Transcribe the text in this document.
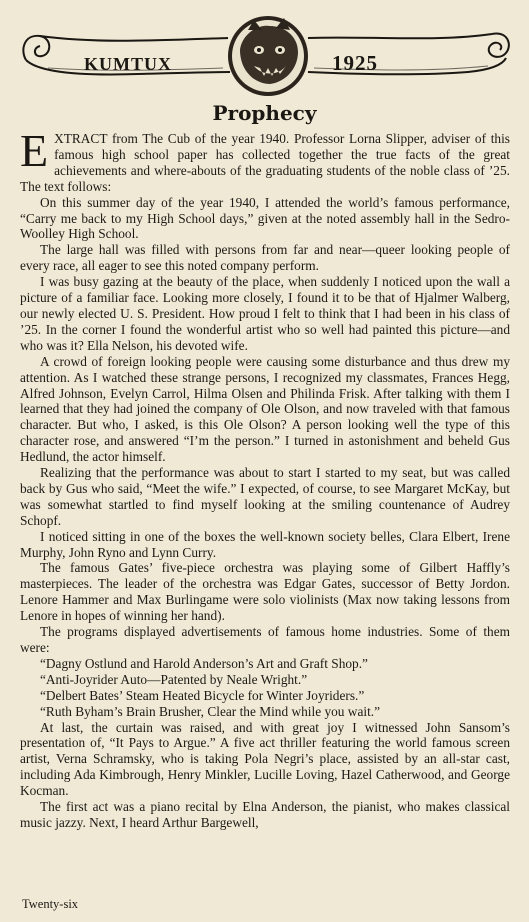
KUMTUX	1925
Prophecy

EXTRACT from The Cub of the year 1940. Professor Lorna Slipper, adviser of this famous high school paper has collected together the true facts of the great achievements and where-abouts of the graduating students of the noble class of ’25. The text follows:

On this summer day of the year 1940, I attended the world’s famous performance, “Carry me back to my High School days,” given at the noted assembly hall in the Sedro-Woolley High School.

The large hall was filled with persons from far and near—queer looking people of every race, all eager to see this noted company perform.

I was busy gazing at the beauty of the place, when suddenly I noticed upon the wall a picture of a familiar face. Looking more closely, I found it to be that of Hjalmer Walberg, our newly elected U. S. President. How proud I felt to think that I had been in his class of ’25. In the corner I found the wonderful artist who so well had painted this picture—and who was it? Ella Nelson, his devoted wife.

A crowd of foreign looking people were causing some disturbance and thus drew my attention. As I watched these strange persons, I recognized my classmates, Frances Hegg, Alfred Johnson, Evelyn Carrol, Hilma Olsen and Philinda Frisk. After talking with them I learned that they had joined the company of Ole Olson, and now traveled with that famous character. But who, I asked, is this Ole Olson? A person looking well the type of this character rose, and answered “I’m the person.” I turned in astonishment and beheld Gus Hedlund, the actor himself.

Realizing that the performance was about to start I started to my seat, but was called back by Gus who said, “Meet the wife.” I expected, of course, to see Margaret McKay, but was somewhat startled to find myself looking at the smiling countenance of Audrey Schopf.

I noticed sitting in one of the boxes the well-known society belles, Clara Elbert, Irene Murphy, John Ryno and Lynn Curry.

The famous Gates’ five-piece orchestra was playing some of Gilbert Haffly’s masterpieces. The leader of the orchestra was Edgar Gates, successor of Betty Jordon. Lenore Hammer and Max Burlingame were solo violinists (Max now taking lessons from Lenore in hopes of winning her hand).

The programs displayed advertisements of famous home industries. Some of them were:

“Dagny Ostlund and Harold Anderson’s Art and Graft Shop.”

“Anti-Joyrider Auto—Patented by Neale Wright.”

“Delbert Bates’ Steam Heated Bicycle for Winter Joyriders.”

“Ruth Byham’s Brain Brusher, Clear the Mind while you wait.”

At last, the curtain was raised, and with great joy I witnessed John Sansom’s presentation of, “It Pays to Argue.” A five act thriller featuring the world famous screen artist, Verna Schramsky, who is taking Pola Negri’s place, assisted by an all-star cast, including Ada Kimbrough, Henry Minkler, Lucille Loving, Hazel Catherwood, and George Kocman.

The first act was a piano recital by Elna Anderson, the pianist, who makes classical music jazzy. Next, I heard Arthur Bargewell,

Twenty-six
